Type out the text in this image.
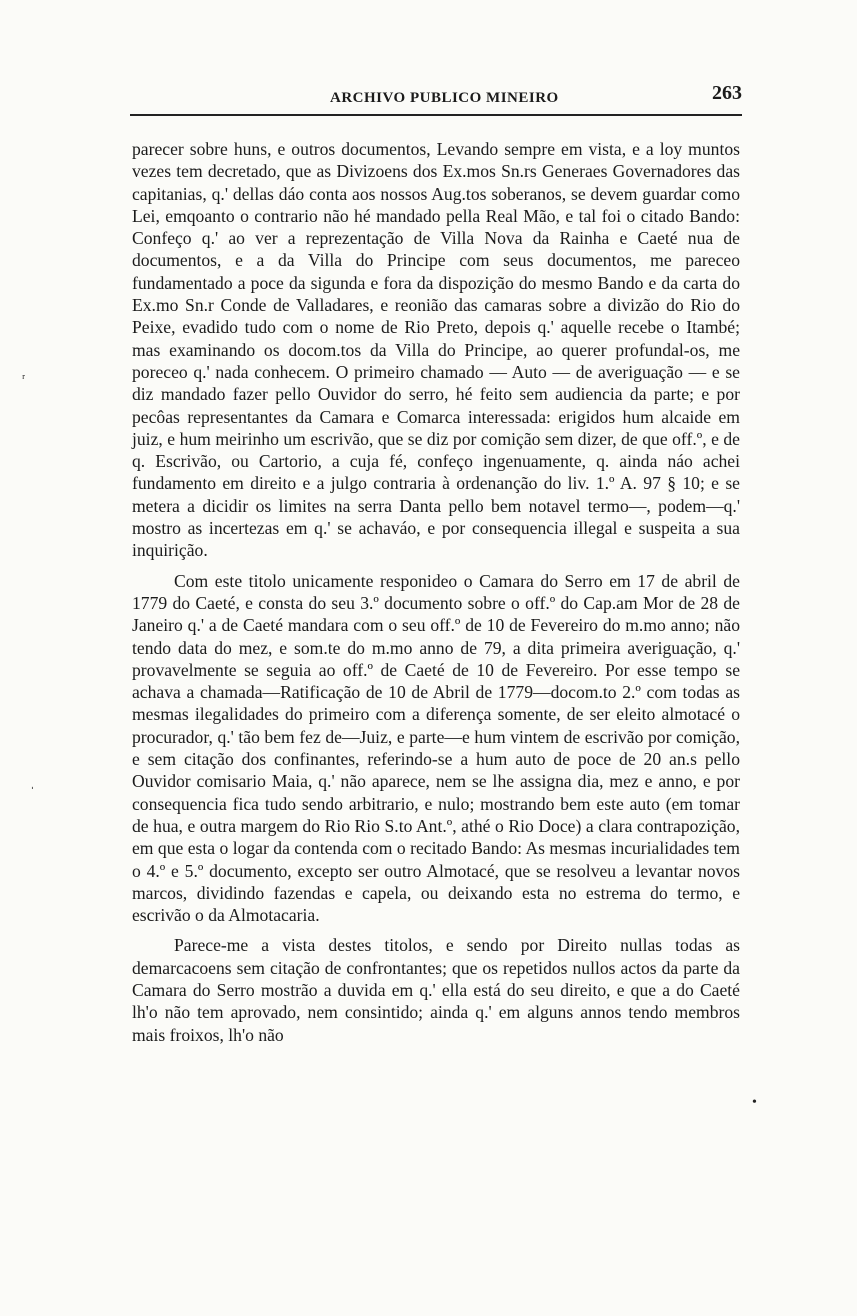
ARCHIVO PUBLICO MINEIRO	263

parecer sobre huns, e outros documentos, Levando sempre em vista, e a loy muntos vezes tem decretado, que as Divizoens dos Ex.mos Sn.rs Generaes Governadores das capitanias, q.' dellas dáo conta aos nossos Aug.tos soberanos, se devem guardar como Lei, emqoanto o contrario não hé mandado pella Real Mão, e tal foi o citado Bando: Confeço q.' ao ver a reprezentação de Villa Nova da Rainha e Caeté nua de documentos, e a da Villa do Principe com seus documentos, me pareceo fundamentado a poce da sigunda e fora da dispozição do mesmo Bando e da carta do Ex.mo Sn.r Conde de Valladares, e reonião das camaras sobre a divizão do Rio do Peixe, evadido tudo com o nome de Rio Preto, depois q.' aquelle recebe o Itambé; mas examinando os docom.tos da Villa do Principe, ao querer profundal-os, me poreceo q.' nada conhecem. O primeiro chamado — Auto — de averiguação — e se diz mandado fazer pello Ouvidor do serro, hé feito sem audiencia da parte; e por pecôas representantes da Camara e Comarca interessada: erigidos hum alcaide em juiz, e hum meirinho um escrivão, que se diz por comição sem dizer, de que off.º, e de q. Escrivão, ou Cartorio, a cuja fé, confeço ingenuamente, q. ainda náo achei fundamento em direito e a julgo contraria à ordenanção do liv. 1.º A. 97 § 10; e se metera a dicidir os limites na serra Danta pello bem notavel termo—, podem—q.' mostro as incertezas em q.' se achaváo, e por consequencia illegal e suspeita a sua inquirição.

Com este titolo unicamente responideo o Camara do Serro em 17 de abril de 1779 do Caeté, e consta do seu 3.º documento sobre o off.º do Cap.am Mor de 28 de Janeiro q.' a de Caeté mandara com o seu off.º de 10 de Fevereiro do m.mo anno; não tendo data do mez, e som.te do m.mo anno de 79, a dita primeira averiguação, q.' provavelmente se seguia ao off.º de Caeté de 10 de Fevereiro. Por esse tempo se achava a chamada—Ratificação de 10 de Abril de 1779—docom.to 2.º com todas as mesmas ilegalidades do primeiro com a diferença somente, de ser eleito almotacé o procurador, q.' tão bem fez de—Juiz, e parte—e hum vintem de escrivão por comição, e sem citação dos confinantes, referindo-se a hum auto de poce de 20 an.s pello Ouvidor comisario Maia, q.' não aparece, nem se lhe assigna dia, mez e anno, e por consequencia fica tudo sendo arbitrario, e nulo; mostrando bem este auto (em tomar de hua, e outra margem do Rio Rio S.to Ant.º, athé o Rio Doce) a clara contrapozição, em que esta o logar da contenda com o recitado Bando: As mesmas incurialidades tem o 4.º e 5.º documento, excepto ser outro Almotacé, que se resolveu a levantar novos marcos, dividindo fazendas e capela, ou deixando esta no estrema do termo, e escrivão o da Almotacaria.

Parece-me a vista destes titolos, e sendo por Direito nullas todas as demarcacoens sem citação de confrontantes; que os repetidos nullos actos da parte da Camara do Serro mostrão a duvida em q.' ella está do seu direito, e que a do Caeté lh'o não tem aprovado, nem consintido; ainda q.' em alguns annos tendo membros mais froixos, lh'o não

ʳ
ˌ
•
